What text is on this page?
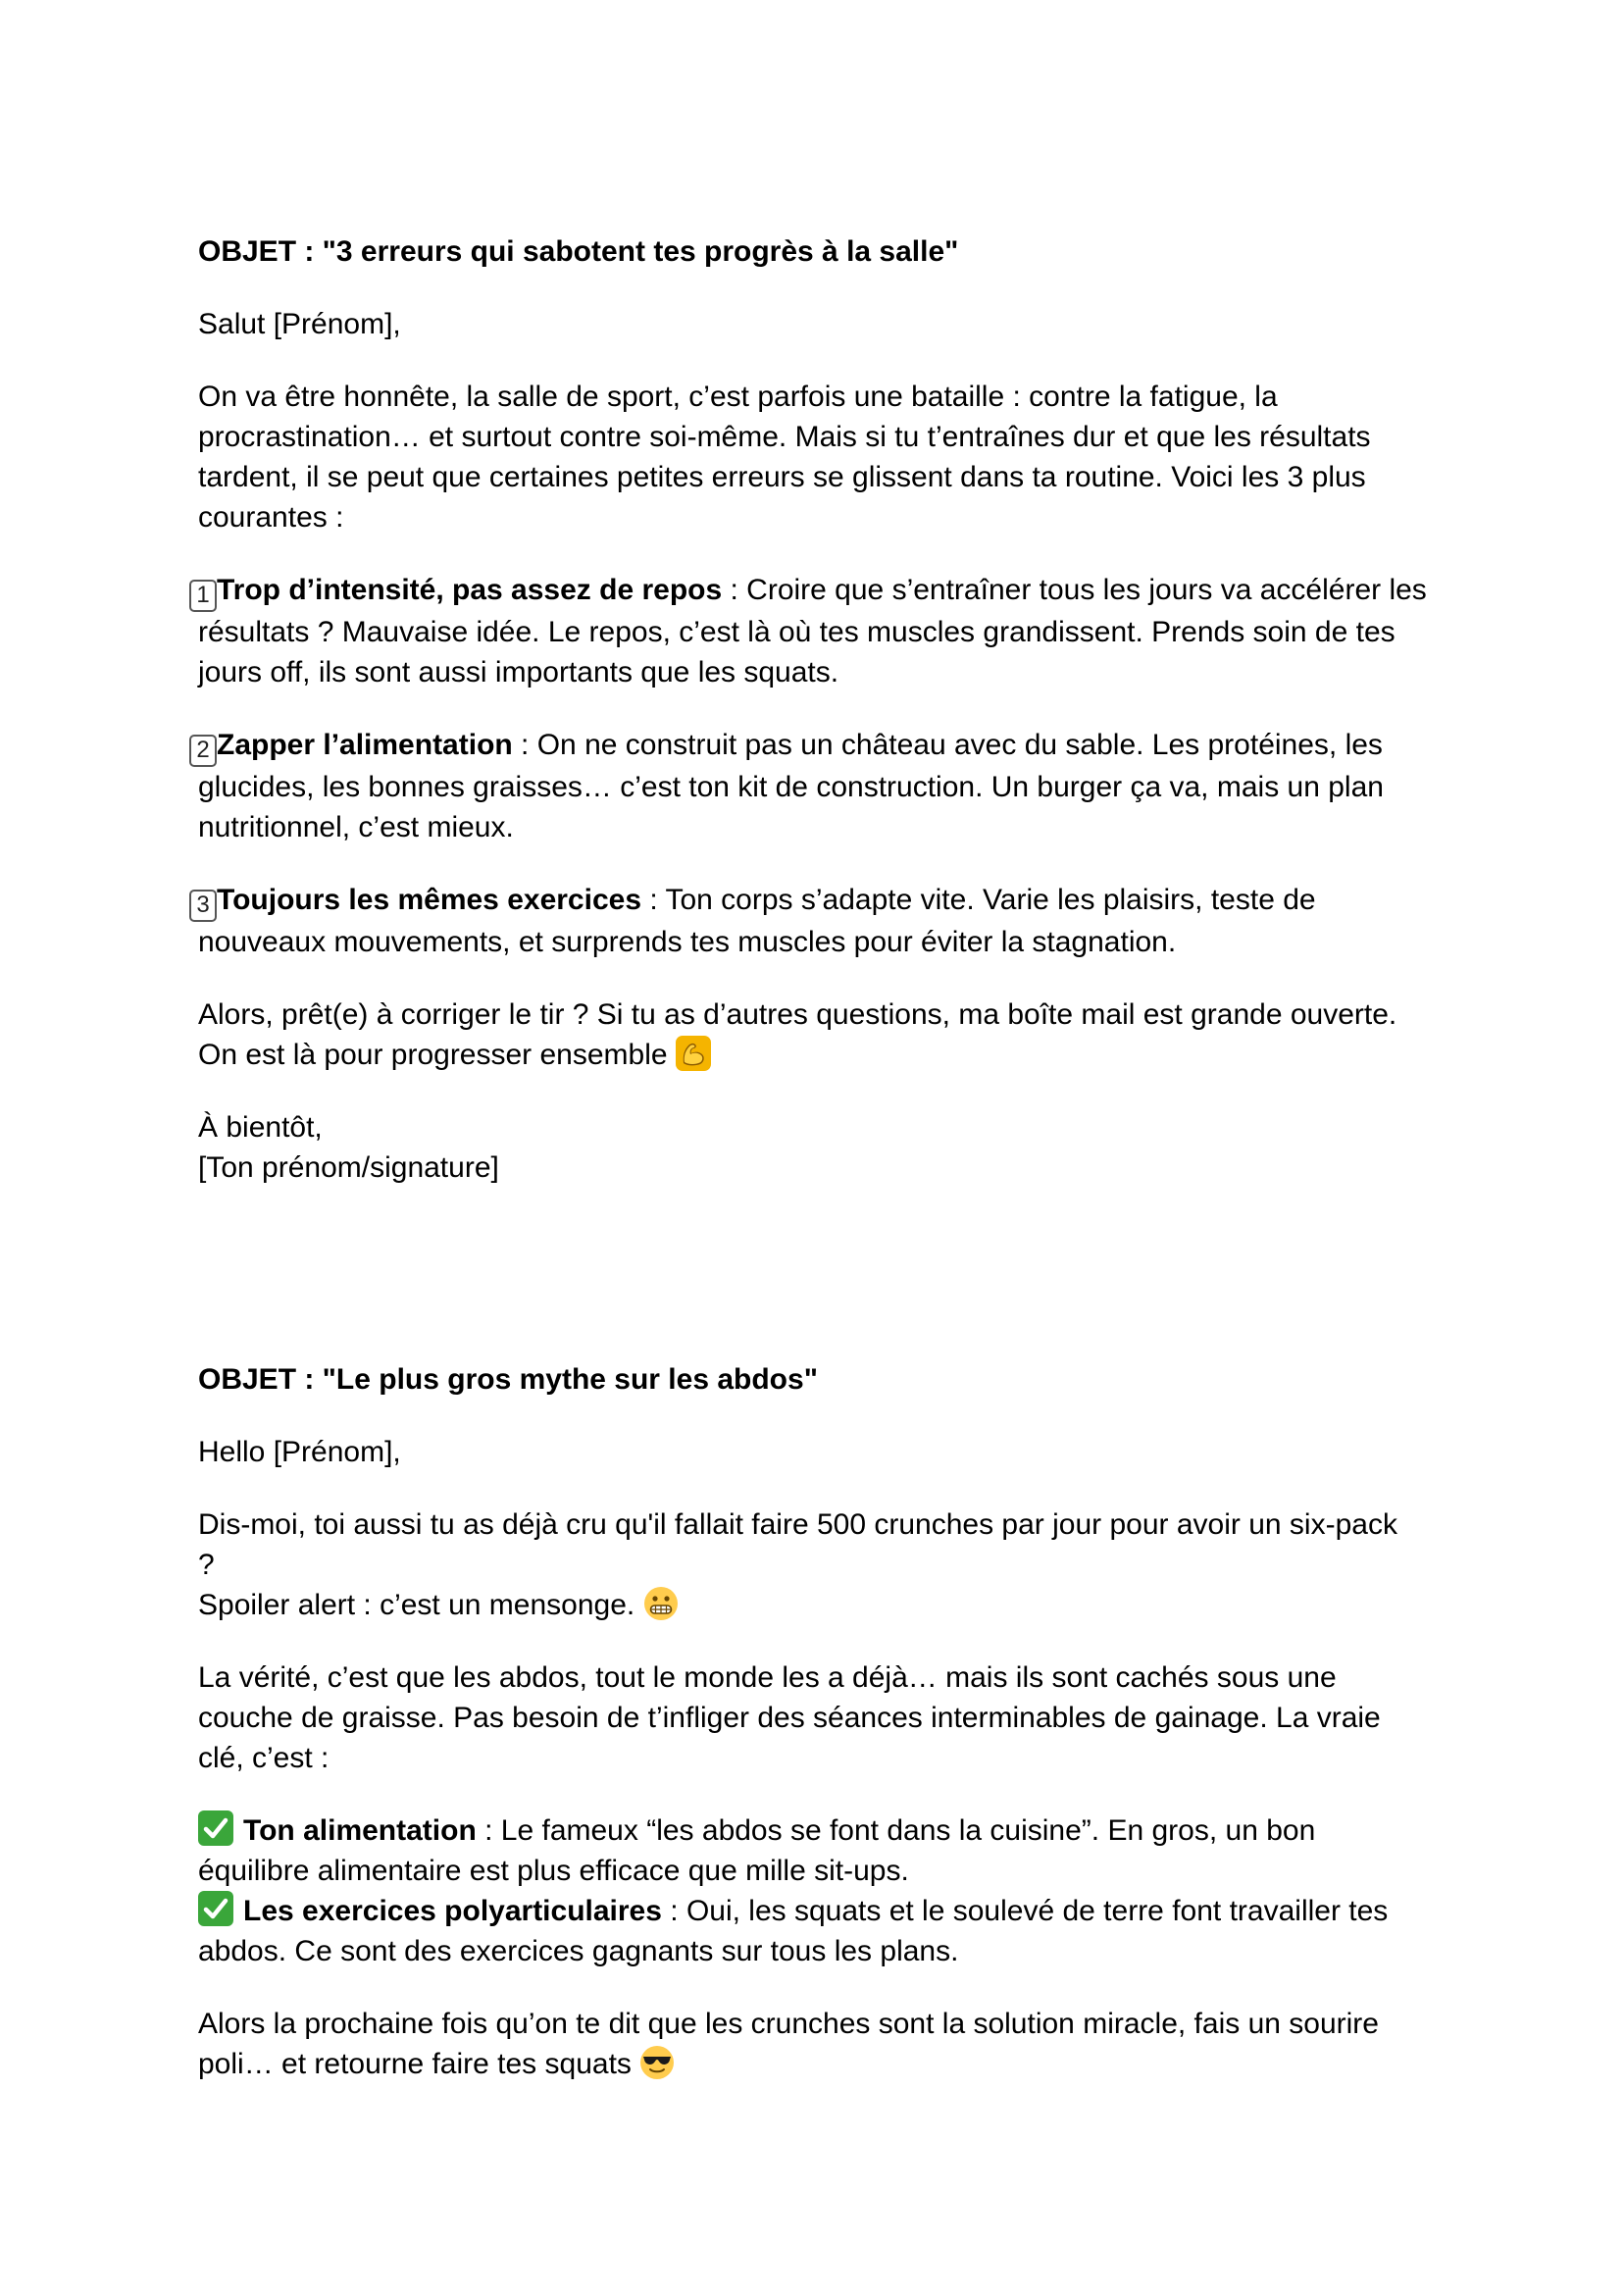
OBJET : "3 erreurs qui sabotent tes progrès à la salle"

Salut [Prénom],

On va être honnête, la salle de sport, c’est parfois une bataille : contre la fatigue, la procrastination… et surtout contre soi-même. Mais si tu t’entraînes dur et que les résultats tardent, il se peut que certaines petites erreurs se glissent dans ta routine. Voici les 3 plus courantes :

1 Trop d’intensité, pas assez de repos : Croire que s’entraîner tous les jours va accélérer les résultats ? Mauvaise idée. Le repos, c’est là où tes muscles grandissent. Prends soin de tes jours off, ils sont aussi importants que les squats.

2 Zapper l’alimentation : On ne construit pas un château avec du sable. Les protéines, les glucides, les bonnes graisses… c’est ton kit de construction. Un burger ça va, mais un plan nutritionnel, c’est mieux.

3 Toujours les mêmes exercices : Ton corps s’adapte vite. Varie les plaisirs, teste de nouveaux mouvements, et surprends tes muscles pour éviter la stagnation.

Alors, prêt(e) à corriger le tir ? Si tu as d’autres questions, ma boîte mail est grande ouverte.
On est là pour progresser ensemble

À bientôt,
[Ton prénom/signature]

OBJET : "Le plus gros mythe sur les abdos"

Hello [Prénom],

Dis-moi, toi aussi tu as déjà cru qu'il fallait faire 500 crunches par jour pour avoir un six-pack
?
Spoiler alert : c’est un mensonge.

La vérité, c’est que les abdos, tout le monde les a déjà… mais ils sont cachés sous une couche de graisse. Pas besoin de t’infliger des séances interminables de gainage. La vraie clé, c’est :

Ton alimentation : Le fameux “les abdos se font dans la cuisine”. En gros, un bon équilibre alimentaire est plus efficace que mille sit-ups.

Les exercices polyarticulaires : Oui, les squats et le soulevé de terre font travailler tes abdos. Ce sont des exercices gagnants sur tous les plans.

Alors la prochaine fois qu’on te dit que les crunches sont la solution miracle, fais un sourire poli… et retourne faire tes squats
